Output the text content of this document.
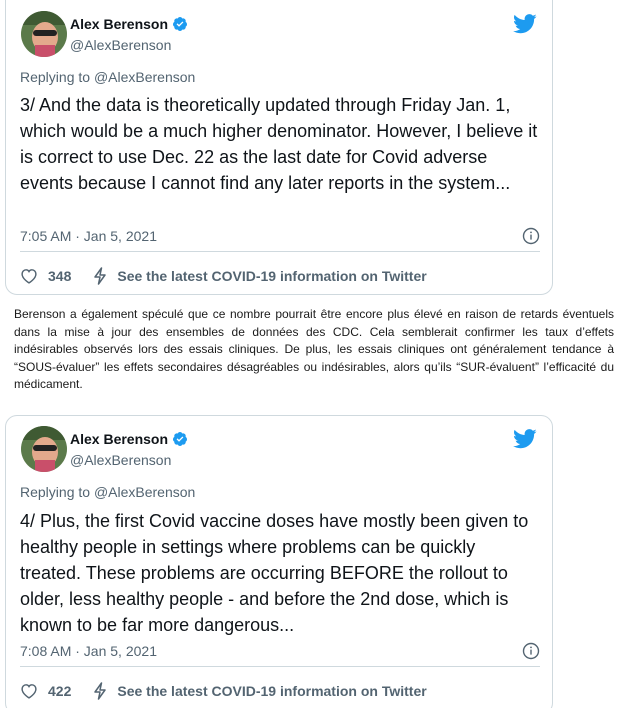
Alex Berenson
@AlexBerenson
Replying to @AlexBerenson
3/ And the data is theoretically updated through Friday Jan. 1, which would be a much higher denominator. However, I believe it is correct to use Dec. 22 as the last date for Covid adverse events because I cannot find any later reports in the system...
7:05 AM · Jan 5, 2021
348	See the latest COVID-19 information on Twitter
Berenson a également spéculé que ce nombre pourrait être encore plus élevé en raison de retards éventuels dans la mise à jour des ensembles de données des CDC. Cela semblerait confirmer les taux d’effets indésirables observés lors des essais cliniques. De plus, les essais cliniques ont généralement tendance à “SOUS-évaluer” les effets secondaires désagréables ou indésirables, alors qu’ils “SUR-évaluent” l’efficacité du médicament.
Alex Berenson
@AlexBerenson
Replying to @AlexBerenson
4/ Plus, the first Covid vaccine doses have mostly been given to healthy people in settings where problems can be quickly treated. These problems are occurring BEFORE the rollout to older, less healthy people - and before the 2nd dose, which is known to be far more dangerous...
7:08 AM · Jan 5, 2021
422	See the latest COVID-19 information on Twitter
